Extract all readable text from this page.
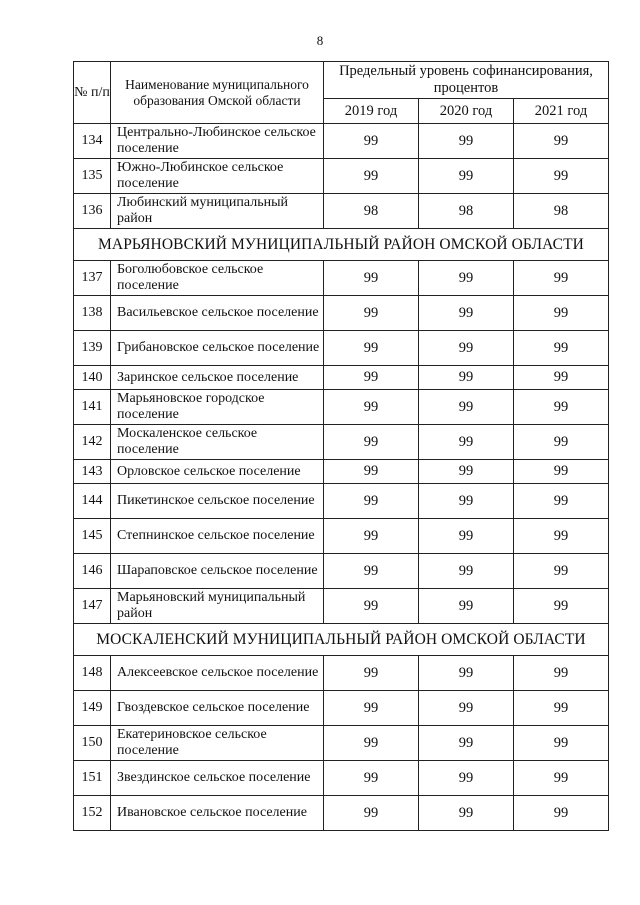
8
№ п/п	Наименование муниципального образования Омской области	Предельный уровень софинансирования, процентов		
		2019 год	2020 год	2021 год
134	Центрально-Любинское сельское поселение	99	99	99
135	Южно-Любинское сельское поселение	99	99	99
136	Любинский муниципальный район	98	98	98
МАРЬЯНОВСКИЙ МУНИЦИПАЛЬНЫЙ РАЙОН ОМСКОЙ ОБЛАСТИ				
137	Боголюбовское сельское поселение	99	99	99
138	Васильевское сельское поселение	99	99	99
139	Грибановское сельское поселение	99	99	99
140	Заринское сельское поселение	99	99	99
141	Марьяновское городское поселение	99	99	99
142	Москаленское сельское поселение	99	99	99
143	Орловское сельское поселение	99	99	99
144	Пикетинское сельское поселение	99	99	99
145	Степнинское сельское поселение	99	99	99
146	Шараповское сельское поселение	99	99	99
147	Марьяновский муниципальный район	99	99	99
МОСКАЛЕНСКИЙ МУНИЦИПАЛЬНЫЙ РАЙОН ОМСКОЙ ОБЛАСТИ				
148	Алексеевское сельское поселение	99	99	99
149	Гвоздевское сельское поселение	99	99	99
150	Екатериновское сельское поселение	99	99	99
151	Звездинское сельское поселение	99	99	99
152	Ивановское сельское поселение	99	99	99
